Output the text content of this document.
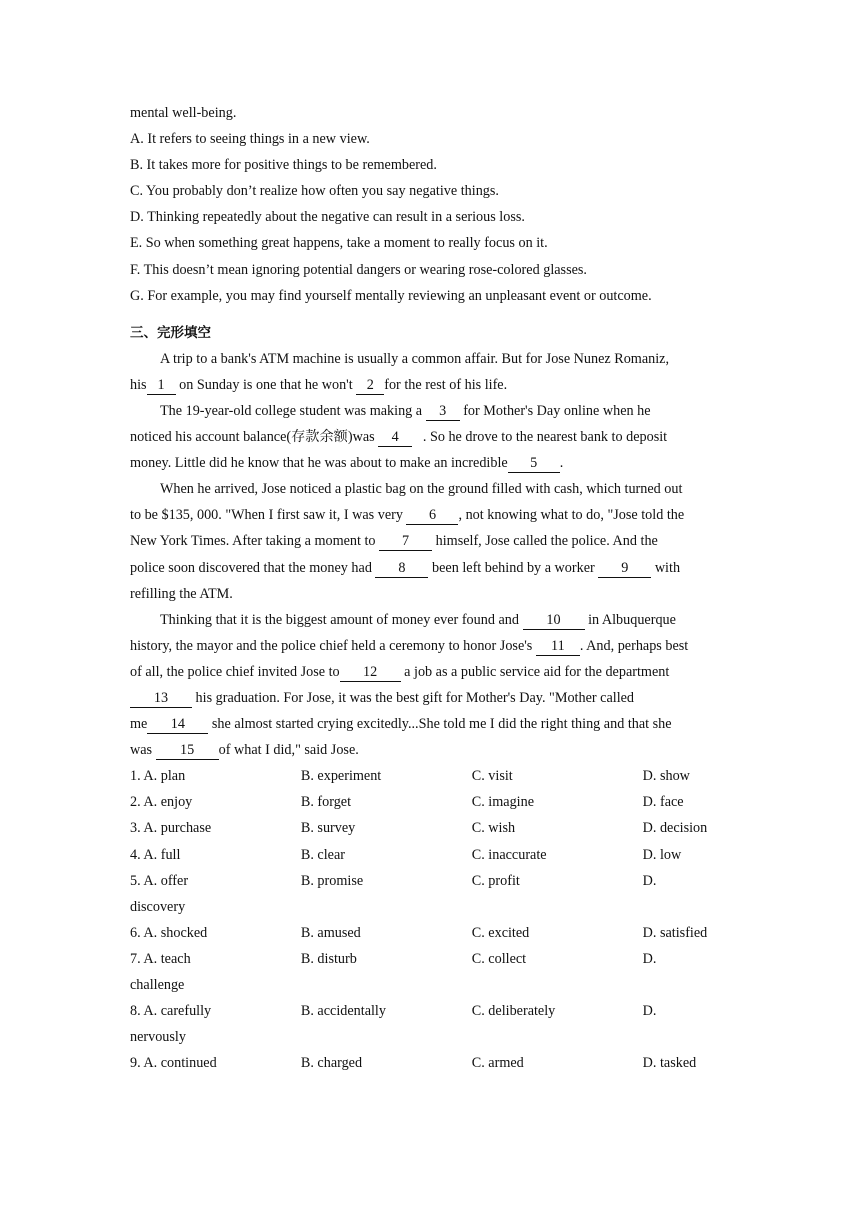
mental well-being.
A. It refers to seeing things in a new view.
B. It takes more for positive things to be remembered.
C. You probably don’t realize how often you say negative things.
D. Thinking repeatedly about the negative can result in a serious loss.
E. So when something great happens, take a moment to really focus on it.
F. This doesn’t mean ignoring potential dangers or wearing rose-colored glasses.
G. For example, you may find yourself mentally reviewing an unpleasant event or outcome.
三、完形填空
A trip to a bank's ATM machine is usually a common affair. But for Jose Nunez Romaniz,
his 1 on Sunday is one that he won't 2 for the rest of his life.
The 19-year-old college student was making a 3 for Mother's Day online when he
noticed his account balance(存款余额)was 4 . So he drove to the nearest bank to deposit
money. Little did he know that he was about to make an incredible 5 .
When he arrived, Jose noticed a plastic bag on the ground filled with cash, which turned out
to be $135, 000. "When I first saw it, I was very 6 , not knowing what to do, "Jose told the
New York Times. After taking a moment to 7 himself, Jose called the police. And the
police soon discovered that the money had 8 been left behind by a worker 9 with
refilling the ATM.
Thinking that it is the biggest amount of money ever found and 10 in Albuquerque
history, the mayor and the police chief held a ceremony to honor Jose's 11 . And, perhaps best
of all, the police chief invited Jose to 12 a job as a public service aid for the department
13 his graduation. For Jose, it was the best gift for Mother's Day. "Mother called
me 14 she almost started crying excitedly...She told me I did the right thing and that she
was 15 of what I did," said Jose.
1. A. plan	B. experiment	C. visit	D. show
2. A. enjoy	B. forget	C. imagine	D. face
3. A. purchase	B. survey	C. wish	D. decision
4. A. full	B. clear	C. inaccurate	D. low
5. A. offer	B. promise	C. profit	D.
discovery
6. A. shocked	B. amused	C. excited	D. satisfied
7. A. teach	B. disturb	C. collect	D.
challenge
8. A. carefully	B. accidentally	C. deliberately	D.
nervously
9. A. continued	B. charged	C. armed	D. tasked
